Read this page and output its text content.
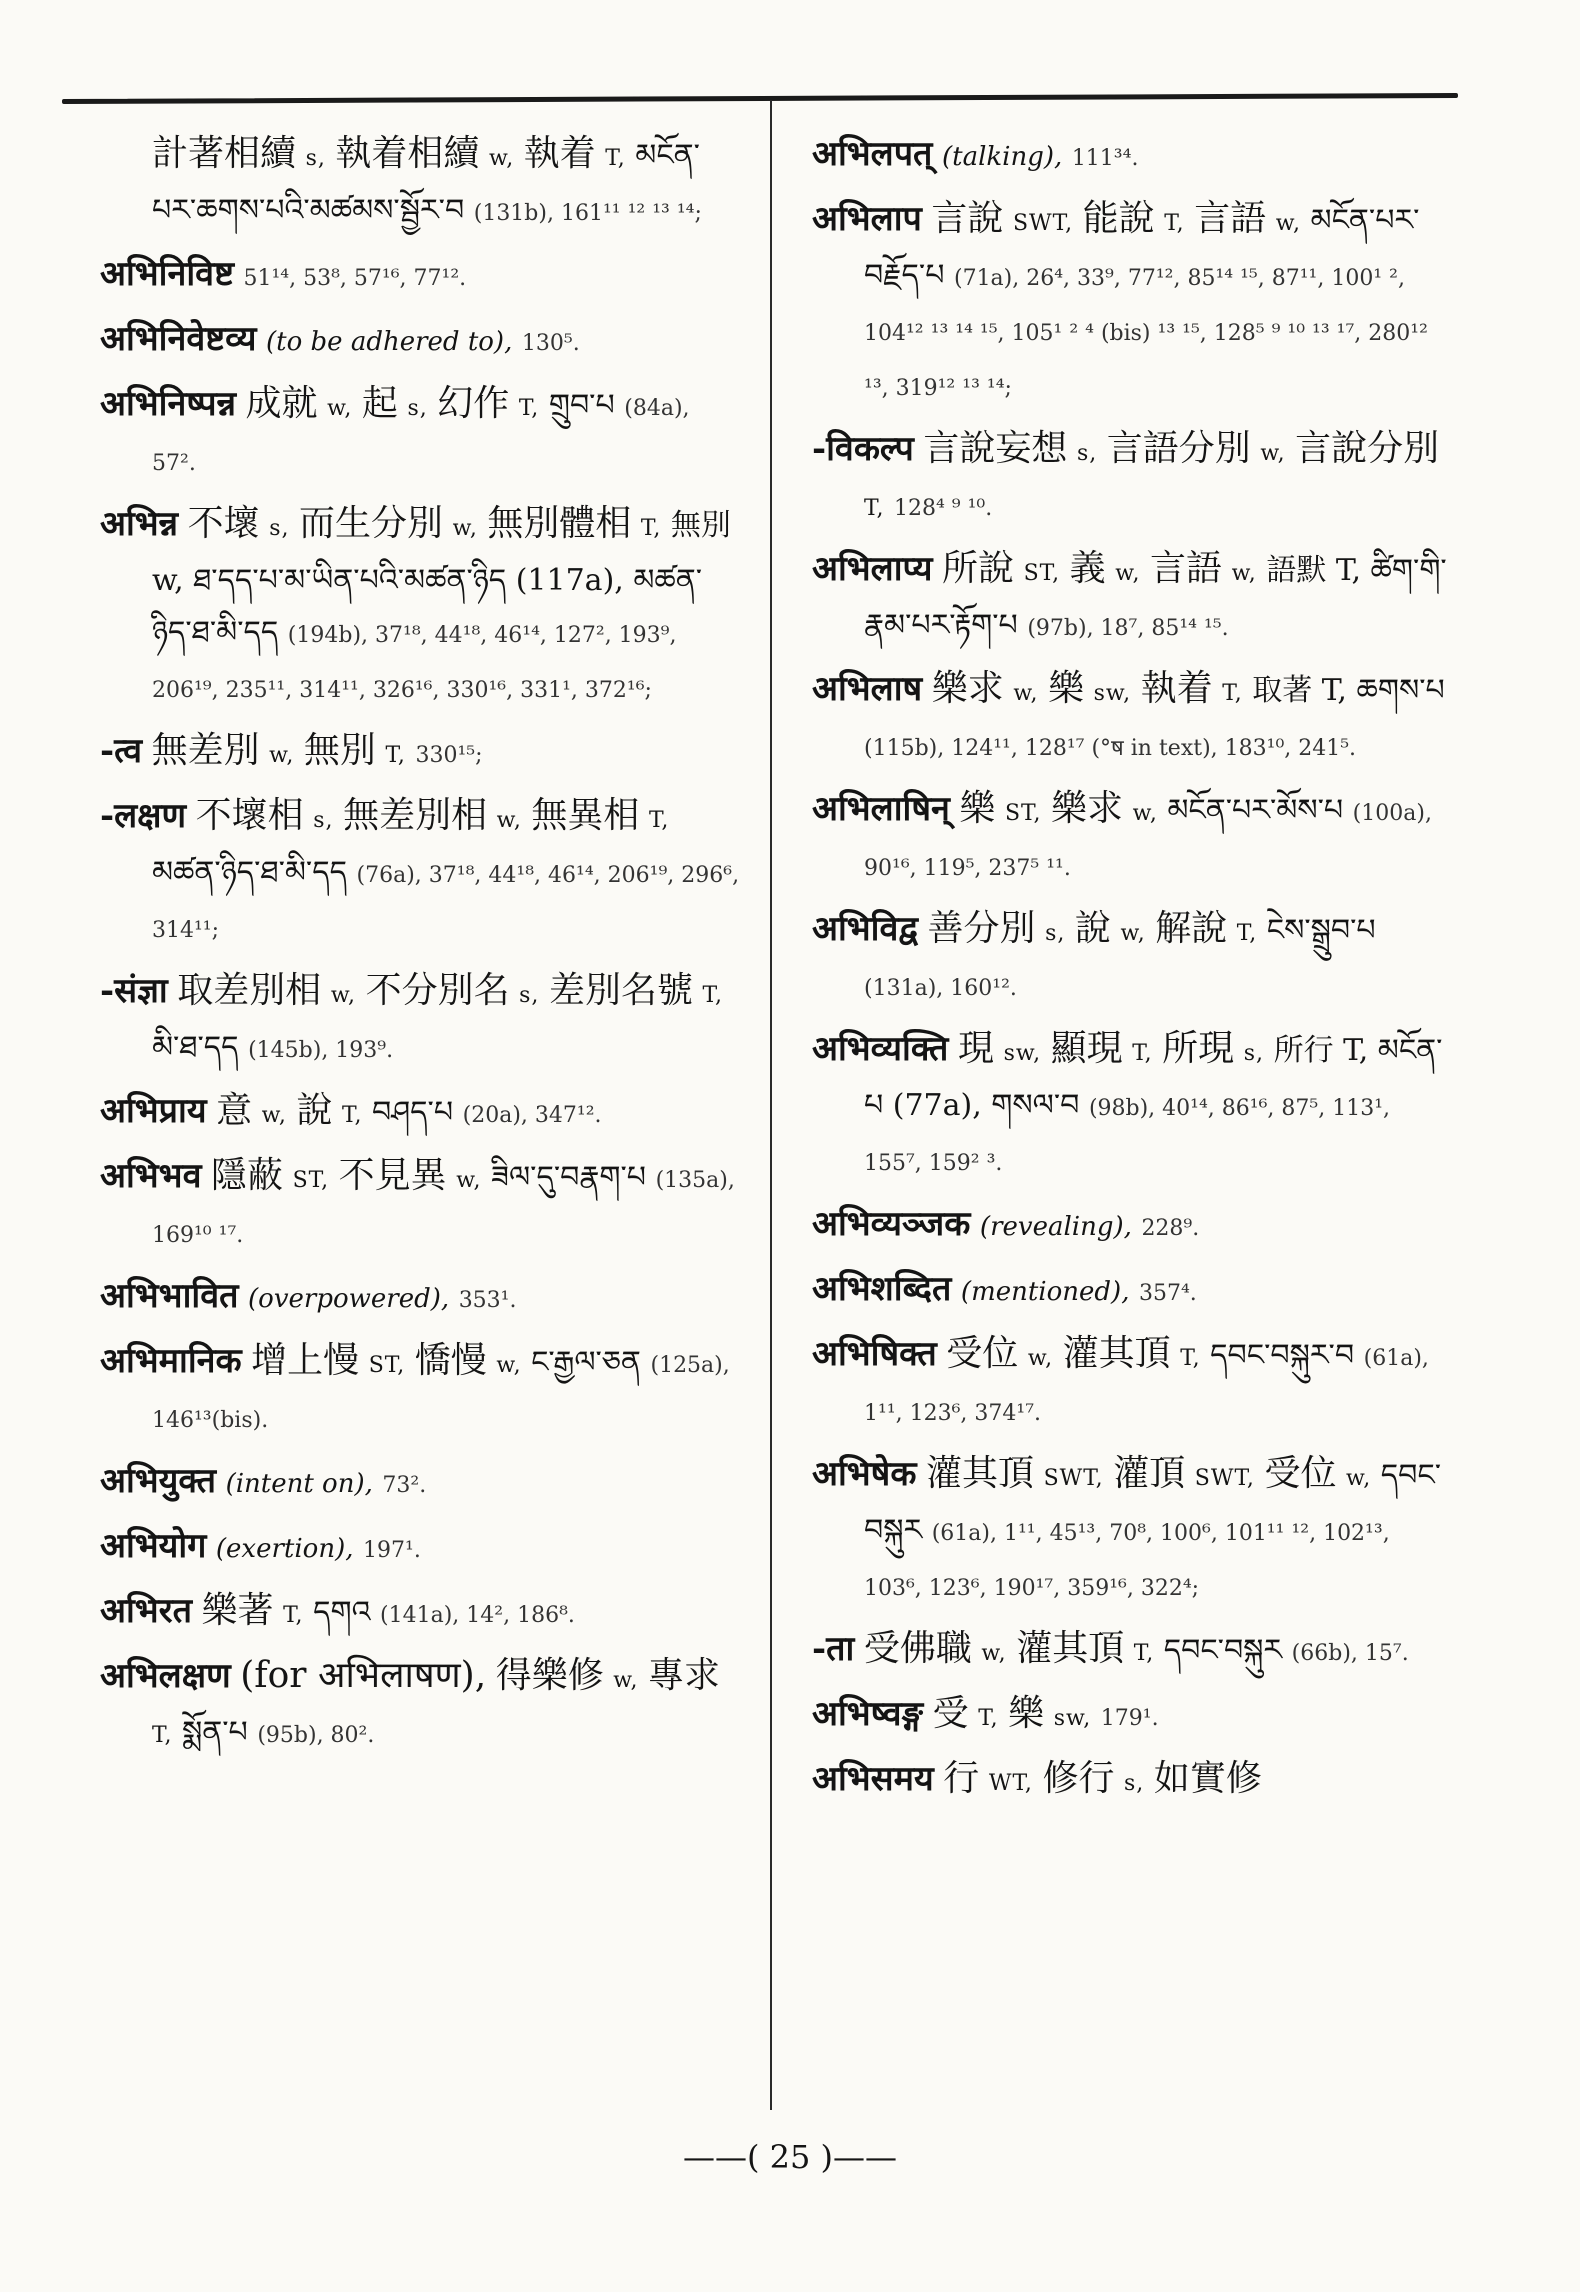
計著相續 s, 執着相續 w, 執着 T, མངོན་པར་ཆགས་པའི་མཚམས་སྦྱོར་བ (131b), 161¹¹ ¹² ¹³ ¹⁴;
अभिनिविष्ट 51¹⁴, 53⁸, 57¹⁶, 77¹².
अभिनिवेष्टव्य (to be adhered to), 130⁵.
अभिनिष्पन्न 成就 w, 起 s, 幻作 T, གྲུབ་པ (84a), 57².
अभिन्न 不壞 s, 而生分別 w, 無別體相 T, 無別 w, ཐ་དད་པ་མ་ཡིན་པའི་མཚན་ཉིད (117a), མཚན་ཉིད་ཐ་མི་དད (194b), 37¹⁸, 44¹⁸, 46¹⁴, 127², 193⁹, 206¹⁹, 235¹¹, 314¹¹, 326¹⁶, 330¹⁶, 331¹, 372¹⁶;
-त्व 無差別 w, 無別 T, 330¹⁵;
-लक्षण 不壞相 s, 無差別相 w, 無異相 T, མཚན་ཉིད་ཐ་མི་དད (76a), 37¹⁸, 44¹⁸, 46¹⁴, 206¹⁹, 296⁶, 314¹¹;
-संज्ञा 取差別相 w, 不分別名 s, 差別名號 T, མི་ཐ་དད (145b), 193⁹.
अभिप्राय 意 w, 說 T, བཤད་པ (20a), 347¹².
अभिभव 隱蔽 ST, 不見異 w, ཟིལ་དུ་བརྣག་པ (135a), 169¹⁰ ¹⁷.
अभिभावित (overpowered), 353¹.
अभिमानिक 增上慢 ST, 憍慢 w, ང་རྒྱལ་ཅན (125a), 146¹³(bis).
अभियुक्त (intent on), 73².
अभियोग (exertion), 197¹.
अभिरत 樂著 T, དགའ (141a), 14², 186⁸.
अभिलक्षण (for अभिलाषण), 得樂修 w, 專求 T, སྨོན་པ (95b), 80².
अभिलपत् (talking), 111³⁴.
अभिलाप 言說 SWT, 能說 T, 言語 w, མངོན་པར་བརྗོད་པ (71a), 26⁴, 33⁹, 77¹², 85¹⁴ ¹⁵, 87¹¹, 100¹ ², 104¹² ¹³ ¹⁴ ¹⁵, 105¹ ² ⁴ (bis) ¹³ ¹⁵, 128⁵ ⁹ ¹⁰ ¹³ ¹⁷, 280¹² ¹³, 319¹² ¹³ ¹⁴;
-विकल्प 言說妄想 s, 言語分別 w, 言說分別 T, 128⁴ ⁹ ¹⁰.
अभिलाप्य 所說 ST, 義 w, 言語 w, 語默 T, ཚིག་གི་རྣམ་པར་རྟོག་པ (97b), 18⁷, 85¹⁴ ¹⁵.
अभिलाष 樂求 w, 樂 sw, 執着 T, 取著 T, ཆགས་པ (115b), 124¹¹, 128¹⁷ (°ष in text), 183¹⁰, 241⁵.
अभिलाषिन् 樂 ST, 樂求 w, མངོན་པར་མོས་པ (100a), 90¹⁶, 119⁵, 237⁵ ¹¹.
अभिविद्व 善分別 s, 說 w, 解說 T, ངེས་སྒྲུབ་པ (131a), 160¹².
अभिव्यक्ति 現 sw, 顯現 T, 所現 s, 所行 T, མངོན་པ (77a), གསལ་བ (98b), 40¹⁴, 86¹⁶, 87⁵, 113¹, 155⁷, 159² ³.
अभिव्यञ्जक (revealing), 228⁹.
अभिशब्दित (mentioned), 357⁴.
अभिषिक्त 受位 w, 灌其頂 T, དབང་བསྐུར་བ (61a), 1¹¹, 123⁶, 374¹⁷.
अभिषेक 灌其頂 SWT, 灌頂 SWT, 受位 w, དབང་བསྐུར (61a), 1¹¹, 45¹³, 70⁸, 100⁶, 101¹¹ ¹², 102¹³, 103⁶, 123⁶, 190¹⁷, 359¹⁶, 322⁴;
-ता 受佛職 w, 灌其頂 T, དབང་བསྐུར (66b), 15⁷.
अभिष्वङ्ग 受 T, 樂 sw, 179¹.
अभिसमय 行 WT, 修行 s, 如實修
——( 25 )——
